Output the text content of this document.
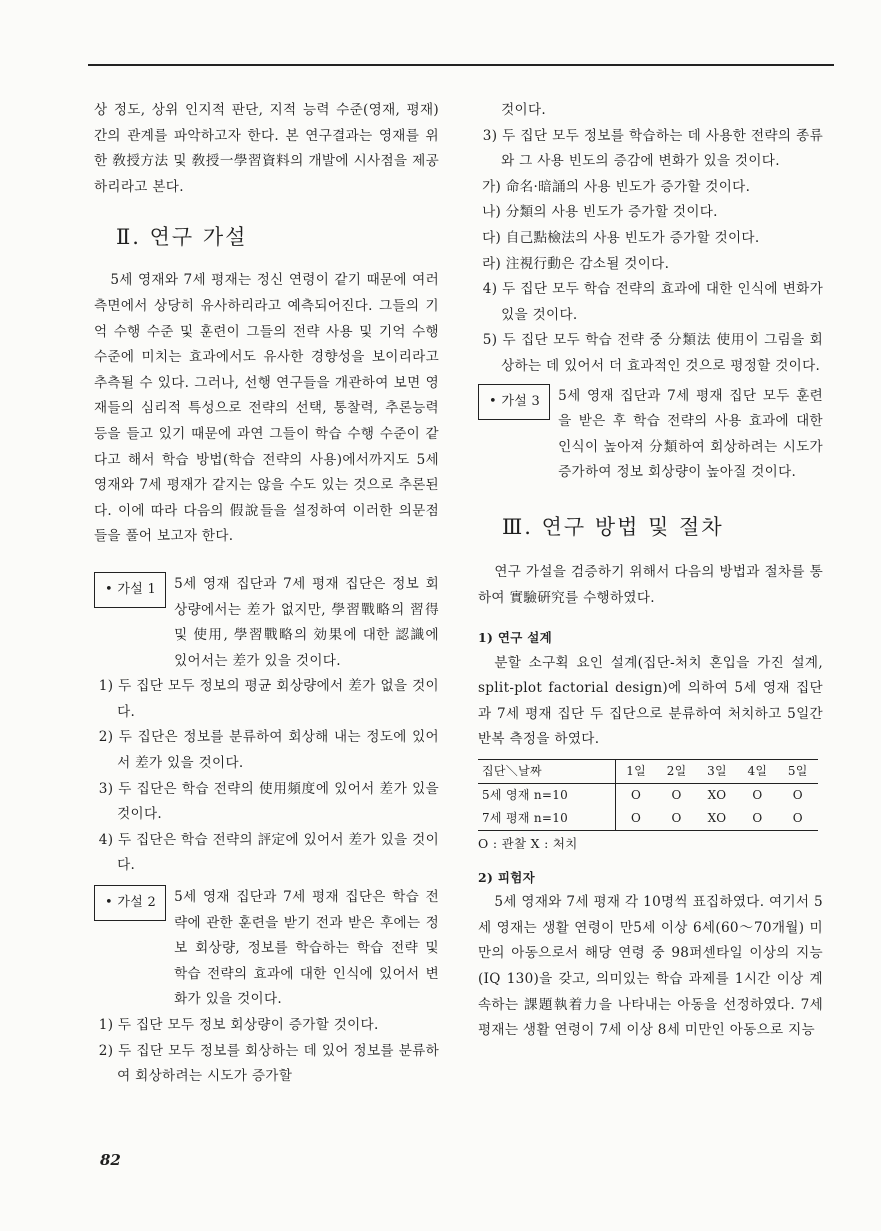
상 정도, 상위 인지적 판단, 지적 능력 수준(영재, 평재) 간의 관계를 파악하고자 한다. 본 연구결과는 영재를 위한 敎授方法 및 敎授一學習資料의 개발에 시사점을 제공하리라고 본다.

Ⅱ. 연구 가설

5세 영재와 7세 평재는 정신 연령이 같기 때문에 여러 측면에서 상당히 유사하리라고 예측되어진다. 그들의 기억 수행 수준 및 훈련이 그들의 전략 사용 및 기억 수행 수준에 미치는 효과에서도 유사한 경향성을 보이리라고 추측될 수 있다. 그러나, 선행 연구들을 개관하여 보면 영재들의 심리적 특성으로 전략의 선택, 통찰력, 추론능력 등을 들고 있기 때문에 과연 그들이 학습 수행 수준이 같다고 해서 학습 방법(학습 전략의 사용)에서까지도 5세 영재와 7세 평재가 같지는 않을 수도 있는 것으로 추론된다. 이에 따라 다음의 假說들을 설정하여 이러한 의문점들을 풀어 보고자 한다.

• 가설 1	5세 영재 집단과 7세 평재 집단은 정보 회상량에서는 差가 없지만, 學習戰略의 習得 및 使用, 學習戰略의 効果에 대한 認識에 있어서는 差가 있을 것이다.

1) 두 집단 모두 정보의 평균 회상량에서 差가 없을 것이다.

2) 두 집단은 정보를 분류하여 회상해 내는 정도에 있어서 差가 있을 것이다.

3) 두 집단은 학습 전략의 使用頻度에 있어서 差가 있을 것이다.

4) 두 집단은 학습 전략의 評定에 있어서 差가 있을 것이다.

• 가설 2	5세 영재 집단과 7세 평재 집단은 학습 전략에 관한 훈련을 받기 전과 받은 후에는 정보 회상량, 정보를 학습하는 학습 전략 및 학습 전략의 효과에 대한 인식에 있어서 변화가 있을 것이다.

1) 두 집단 모두 정보 회상량이 증가할 것이다.

2) 두 집단 모두 정보를 회상하는 데 있어 정보를 분류하여 회상하려는 시도가 증가할

82

것이다.

3) 두 집단 모두 정보를 학습하는 데 사용한 전략의 종류와 그 사용 빈도의 증감에 변화가 있을 것이다.

가) 命名·暗誦의 사용 빈도가 증가할 것이다.

나) 分類의 사용 빈도가 증가할 것이다.

다) 自己點檢法의 사용 빈도가 증가할 것이다.

라) 注視行動은 감소될 것이다.

4) 두 집단 모두 학습 전략의 효과에 대한 인식에 변화가 있을 것이다.

5) 두 집단 모두 학습 전략 중 分類法 使用이 그림을 회상하는 데 있어서 더 효과적인 것으로 평정할 것이다.

• 가설 3	5세 영재 집단과 7세 평재 집단 모두 훈련을 받은 후 학습 전략의 사용 효과에 대한 인식이 높아져 分類하여 회상하려는 시도가 증가하여 정보 회상량이 높아질 것이다.

Ⅲ. 연구 방법 및 절차

연구 가설을 검증하기 위해서 다음의 방법과 절차를 통하여 實驗硏究를 수행하였다.

1) 연구 설계

분할 소구획 요인 설계(집단-처치 혼입을 가진 설계, split-plot factorial design)에 의하여 5세 영재 집단과 7세 평재 집단 두 집단으로 분류하여 처치하고 5일간 반복 측정을 하였다.

집단＼날짜	1일	2일	3일	4일	5일
5세 영재 n=10	O	O	XO	O	O
7세 평재 n=10	O	O	XO	O	O

O : 관찰 X : 처치

2) 피험자

5세 영재와 7세 평재 각 10명씩 표집하였다. 여기서 5세 영재는 생활 연령이 만5세 이상 6세(60～70개월) 미만의 아동으로서 해당 연령 중 98퍼센타일 이상의 지능(IQ 130)을 갖고, 의미있는 학습 과제를 1시간 이상 계속하는 課題執着力을 나타내는 아동을 선정하였다. 7세 평재는 생활 연령이 7세 이상 8세 미만인 아동으로 지능
